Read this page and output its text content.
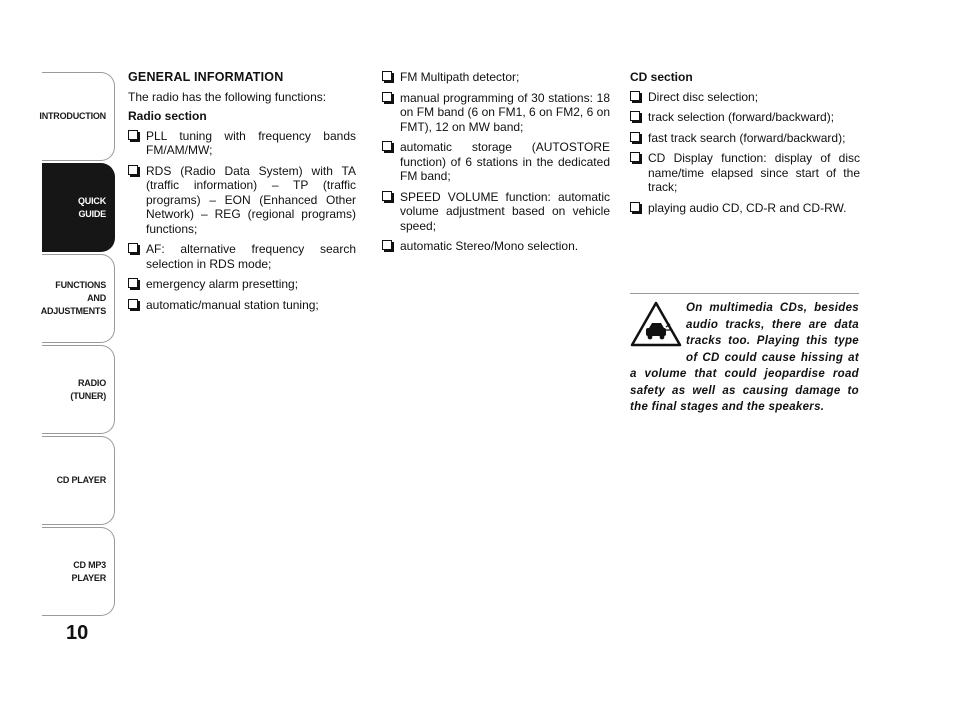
INTRODUCTION
QUICK
GUIDE
FUNCTIONS
AND
ADJUSTMENTS
RADIO
(TUNER)
CD PLAYER
CD MP3
PLAYER
10
GENERAL INFORMATION
The radio has the following functions:
Radio section
PLL tuning with frequency bands FM/AM/MW;
RDS (Radio Data System) with TA (traffic information) – TP (traffic programs) – EON (Enhanced Other Network) – REG (regional programs) functions;
AF: alternative frequency search selection in RDS mode;
emergency alarm presetting;
automatic/manual station tuning;
FM Multipath detector;
manual programming of 30 stations: 18 on FM band (6 on FM1, 6 on FM2, 6 on FMT), 12 on MW band;
automatic storage (AUTOSTORE function) of 6 stations in the dedicated FM band;
SPEED VOLUME function: automatic volume adjustment based on vehicle speed;
automatic Stereo/Mono selection.
CD section
Direct disc selection;
track selection (forward/backward);
fast track search (forward/backward);
CD Display function: display of disc name/time elapsed since start of the track;
playing audio CD, CD-R and CD-RW.
On multimedia CDs, besides audio tracks, there are data tracks too. Playing this type of CD could cause hissing at a volume that could jeopardise road safety as well as causing damage to the final stages and the speakers.
